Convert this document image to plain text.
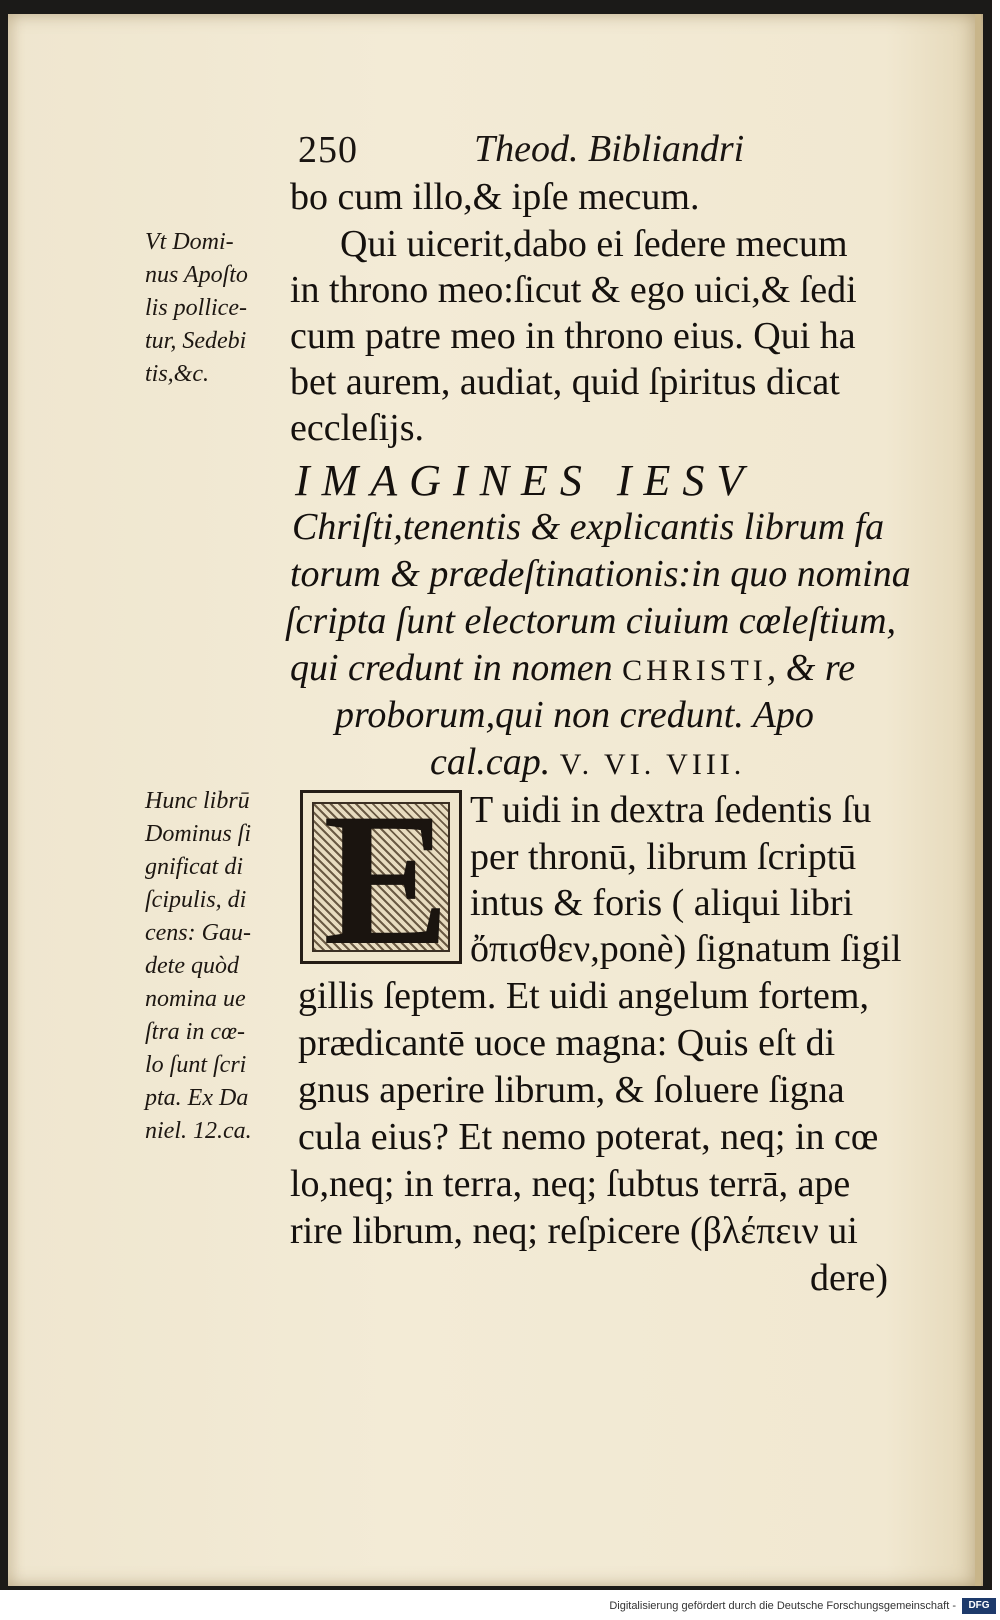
250	Theod. Bibliandri
bo cum illo,& ipſe mecum.
Qui uicerit,dabo ei ſedere mecum
in throno meo:ſicut & ego uici,& ſedi
cum patre meo in throno eius. Qui ha
bet aurem, audiat, quid ſpiritus dicat
eccleſijs.
IMAGINES IESV
Chriſti,tenentis & explicantis librum fa
torum & prædeſtinationis:in quo nomina
ſcripta ſunt electorum ciuium cœleſtium,
qui credunt in nomen CHRISTI, & re
proborum,qui non credunt. Apo
cal.cap. V. VI. VIII.
E T uidi in dextra ſedentis ſu
per thronū, librum ſcriptū
intus & foris ( aliqui libri
ὄπισθεν,ponè) ſignatum ſigil
gillis ſeptem. Et uidi angelum fortem,
prædicantē uoce magna: Quis eſt di
gnus aperire librum, & ſoluere ſigna
cula eius? Et nemo poterat, neq; in cœ
lo,neq; in terra, neq; ſubtus terrā, ape
rire librum, neq; reſpicere (βλέπειν ui
dere)
Vt Domi-
nus Apoſto
lis pollice-
tur, Sedebi
tis,&c.
Hunc librū
Dominus ſi
gnificat di
ſcipulis, di
cens: Gau-
dete quòd
nomina ue
ſtra in cœ-
lo ſunt ſcri
pta. Ex Da
niel. 12.ca.
Digitalisierung gefördert durch die Deutsche Forschungsgemeinschaft -	DFG
